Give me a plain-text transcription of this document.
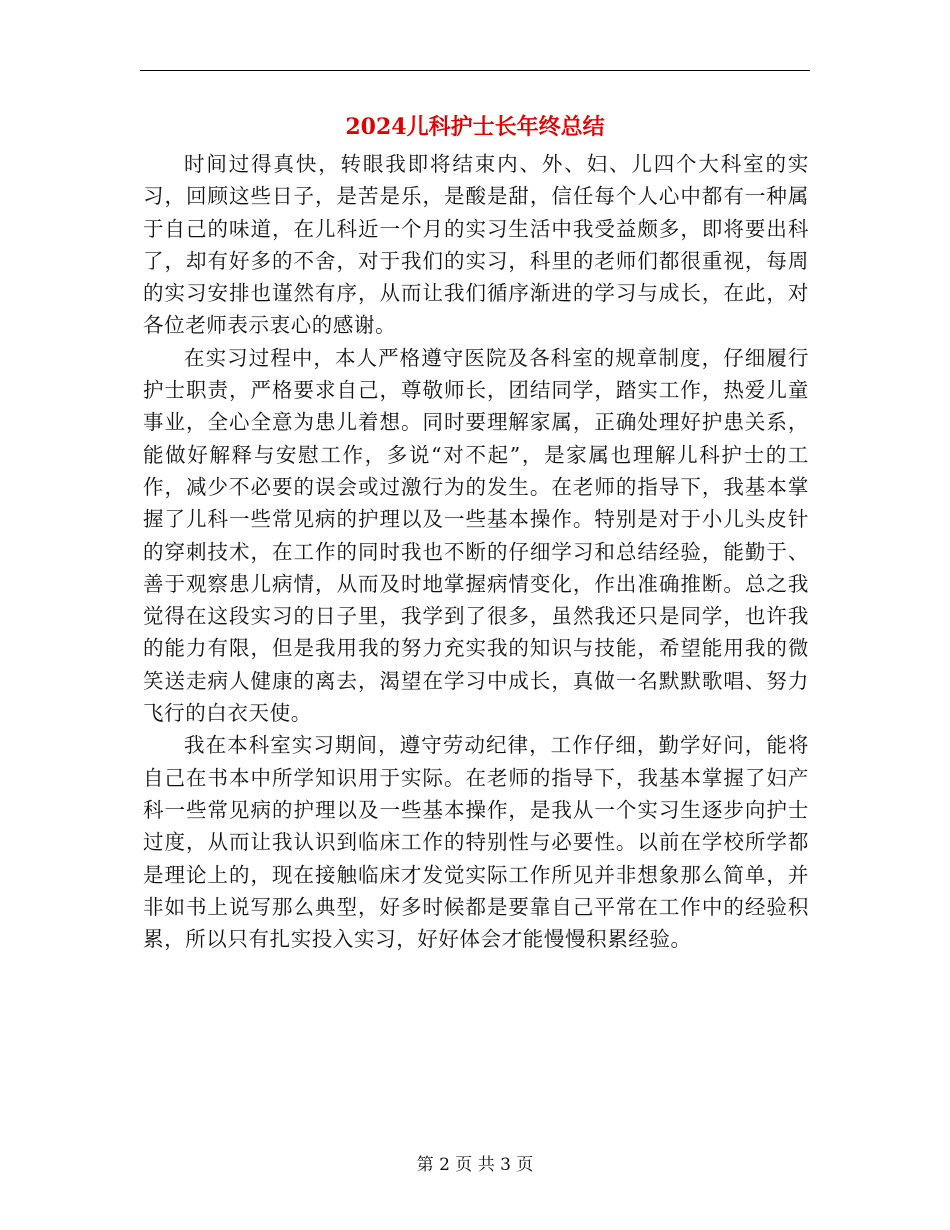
2024儿科护士长年终总结

时间过得真快，转眼我即将结束内、外、妇、儿四个大科室的实习，回顾这些日子，是苦是乐，是酸是甜，信任每个人心中都有一种属于自己的味道，在儿科近一个月的实习生活中我受益颇多，即将要出科了，却有好多的不舍，对于我们的实习，科里的老师们都很重视，每周的实习安排也谨然有序，从而让我们循序渐进的学习与成长，在此，对各位老师表示衷心的感谢。

在实习过程中，本人严格遵守医院及各科室的规章制度，仔细履行护士职责，严格要求自己，尊敬师长，团结同学，踏实工作，热爱儿童事业，全心全意为患儿着想。同时要理解家属，正确处理好护患关系，能做好解释与安慰工作，多说“对不起”，是家属也理解儿科护士的工作，减少不必要的误会或过激行为的发生。在老师的指导下，我基本掌握了儿科一些常见病的护理以及一些基本操作。特别是对于小儿头皮针的穿刺技术，在工作的同时我也不断的仔细学习和总结经验，能勤于、善于观察患儿病情，从而及时地掌握病情变化，作出准确推断。总之我觉得在这段实习的日子里，我学到了很多，虽然我还只是同学，也许我的能力有限，但是我用我的努力充实我的知识与技能，希望能用我的微笑送走病人健康的离去，渴望在学习中成长，真做一名默默歌唱、努力飞行的白衣天使。

我在本科室实习期间，遵守劳动纪律，工作仔细，勤学好问，能将自己在书本中所学知识用于实际。在老师的指导下，我基本掌握了妇产科一些常见病的护理以及一些基本操作，是我从一个实习生逐步向护士过度，从而让我认识到临床工作的特别性与必要性。以前在学校所学都是理论上的，现在接触临床才发觉实际工作所见并非想象那么简单，并非如书上说写那么典型，好多时候都是要靠自己平常在工作中的经验积累，所以只有扎实投入实习，好好体会才能慢慢积累经验。

第 2 页 共 3 页
